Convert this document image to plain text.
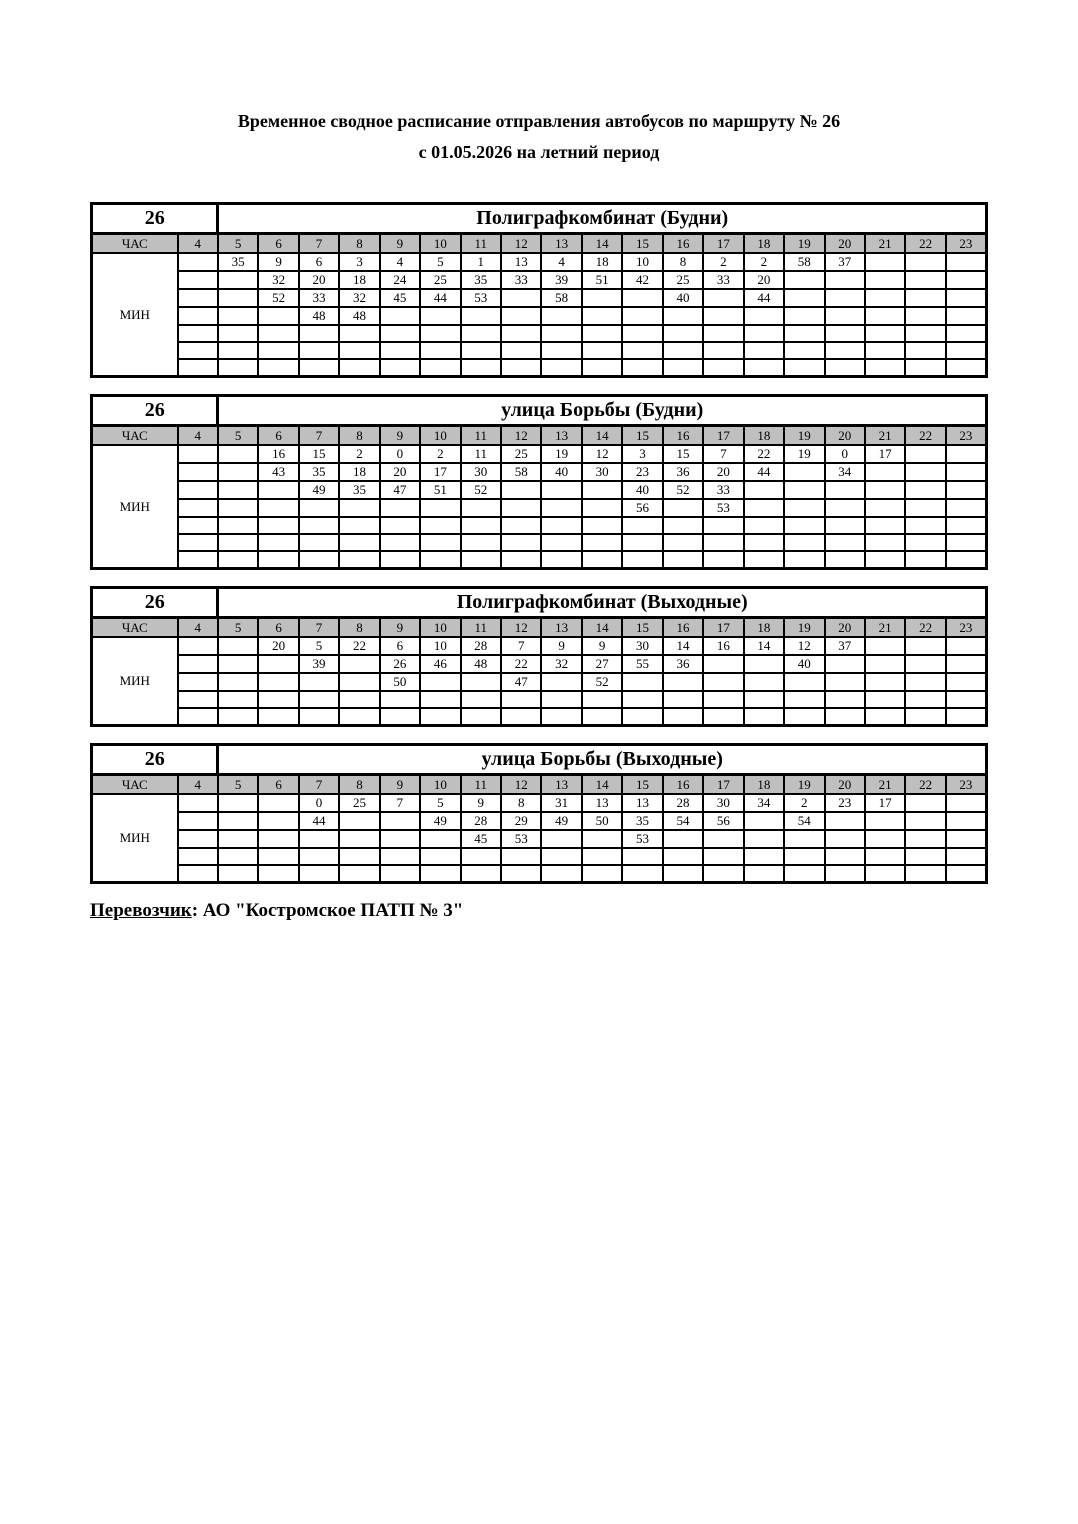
Временное сводное расписание отправления автобусов по маршруту № 26
с 01.05.2026 на летний период
26		Полиграфкомбинат (Будни)																		
ЧАС	4	5	6	7	8	9	10	11	12	13	14	15	16	17	18	19	20	21	22	23
МИН		35	9	6	3	4	5	1	13	4	18	10	8	2	2	58	37			
			32	20	18	24	25	35	33	39	51	42	25	33	20					
			52	33	32	45	44	53		58			40		44					
				48	48															

26		улица Борьбы (Будни)																		
ЧАС	4	5	6	7	8	9	10	11	12	13	14	15	16	17	18	19	20	21	22	23
МИН			16	15	2	0	2	11	25	19	12	3	15	7	22	19	0	17		
			43	35	18	20	17	30	58	40	30	23	36	20	44		34			
				49	35	47	51	52				40	52	33						
												56		53						

26		Полиграфкомбинат (Выходные)																		
ЧАС	4	5	6	7	8	9	10	11	12	13	14	15	16	17	18	19	20	21	22	23
МИН			20	5	22	6	10	28	7	9	9	30	14	16	14	12	37			
				39		26	46	48	22	32	27	55	36			40				
						50			47		52									

26		улица Борьбы (Выходные)																		
ЧАС	4	5	6	7	8	9	10	11	12	13	14	15	16	17	18	19	20	21	22	23
МИН				0	25	7	5	9	8	31	13	13	28	30	34	2	23	17		
				44			49	28	29	49	50	35	54	56		54				
								45	53			53								

Перевозчик: АО "Костромское ПАТП № 3"
